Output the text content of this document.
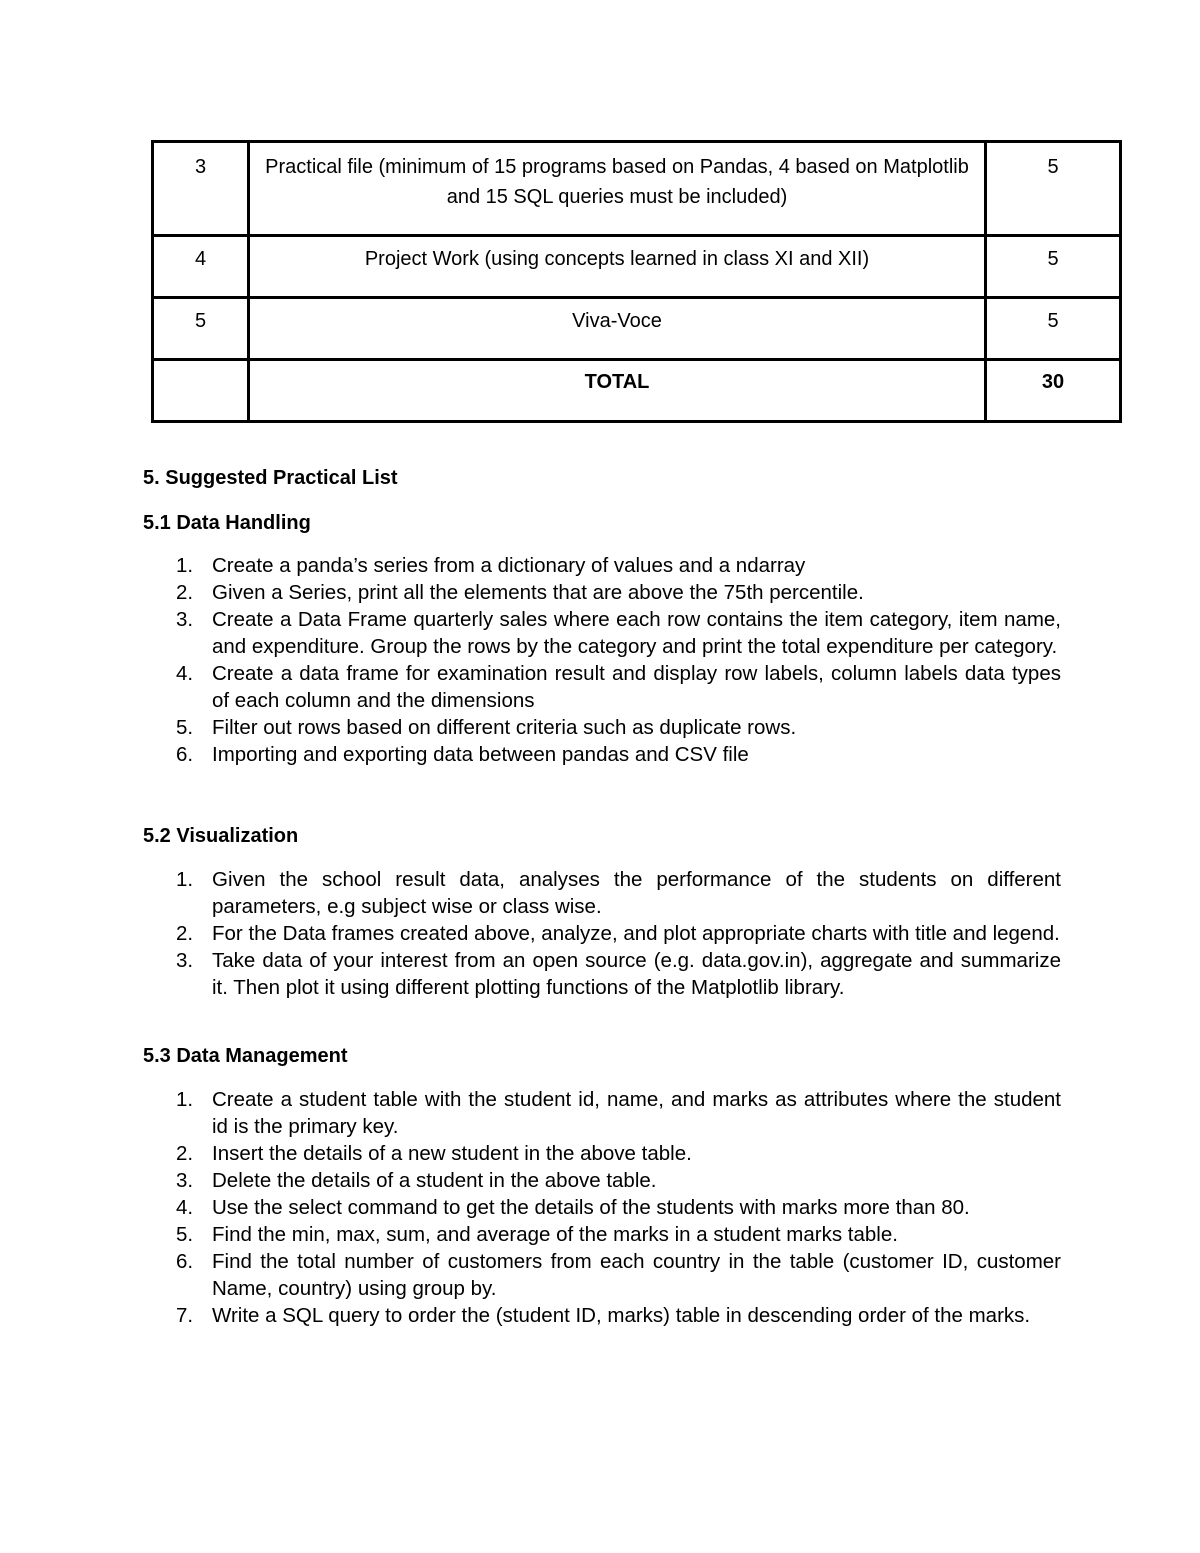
3	Practical file (minimum of 15 programs based on Pandas, 4 based on Matplotlib and 15 SQL queries must be included)	5
4	Project Work (using concepts learned in class XI and XII)	5
5	Viva-Voce	5
	TOTAL	30
5. Suggested Practical List
5.1 Data Handling
1. Create a panda’s series from a dictionary of values and a ndarray
2. Given a Series, print all the elements that are above the 75th percentile.
3. Create a Data Frame quarterly sales where each row contains the item category, item name, and expenditure. Group the rows by the category and print the total expenditure per category.
4. Create a data frame for examination result and display row labels, column labels data types of each column and the dimensions
5. Filter out rows based on different criteria such as duplicate rows.
6. Importing and exporting data between pandas and CSV file
5.2 Visualization
1. Given the school result data, analyses the performance of the students on different parameters, e.g subject wise or class wise.
2. For the Data frames created above, analyze, and plot appropriate charts with title and legend.
3. Take data of your interest from an open source (e.g. data.gov.in), aggregate and summarize it. Then plot it using different plotting functions of the Matplotlib library.
5.3 Data Management
1. Create a student table with the student id, name, and marks as attributes where the student id is the primary key.
2. Insert the details of a new student in the above table.
3. Delete the details of a student in the above table.
4. Use the select command to get the details of the students with marks more than 80.
5. Find the min, max, sum, and average of the marks in a student marks table.
6. Find the total number of customers from each country in the table (customer ID, customer Name, country) using group by.
7. Write a SQL query to order the (student ID, marks) table in descending order of the marks.
